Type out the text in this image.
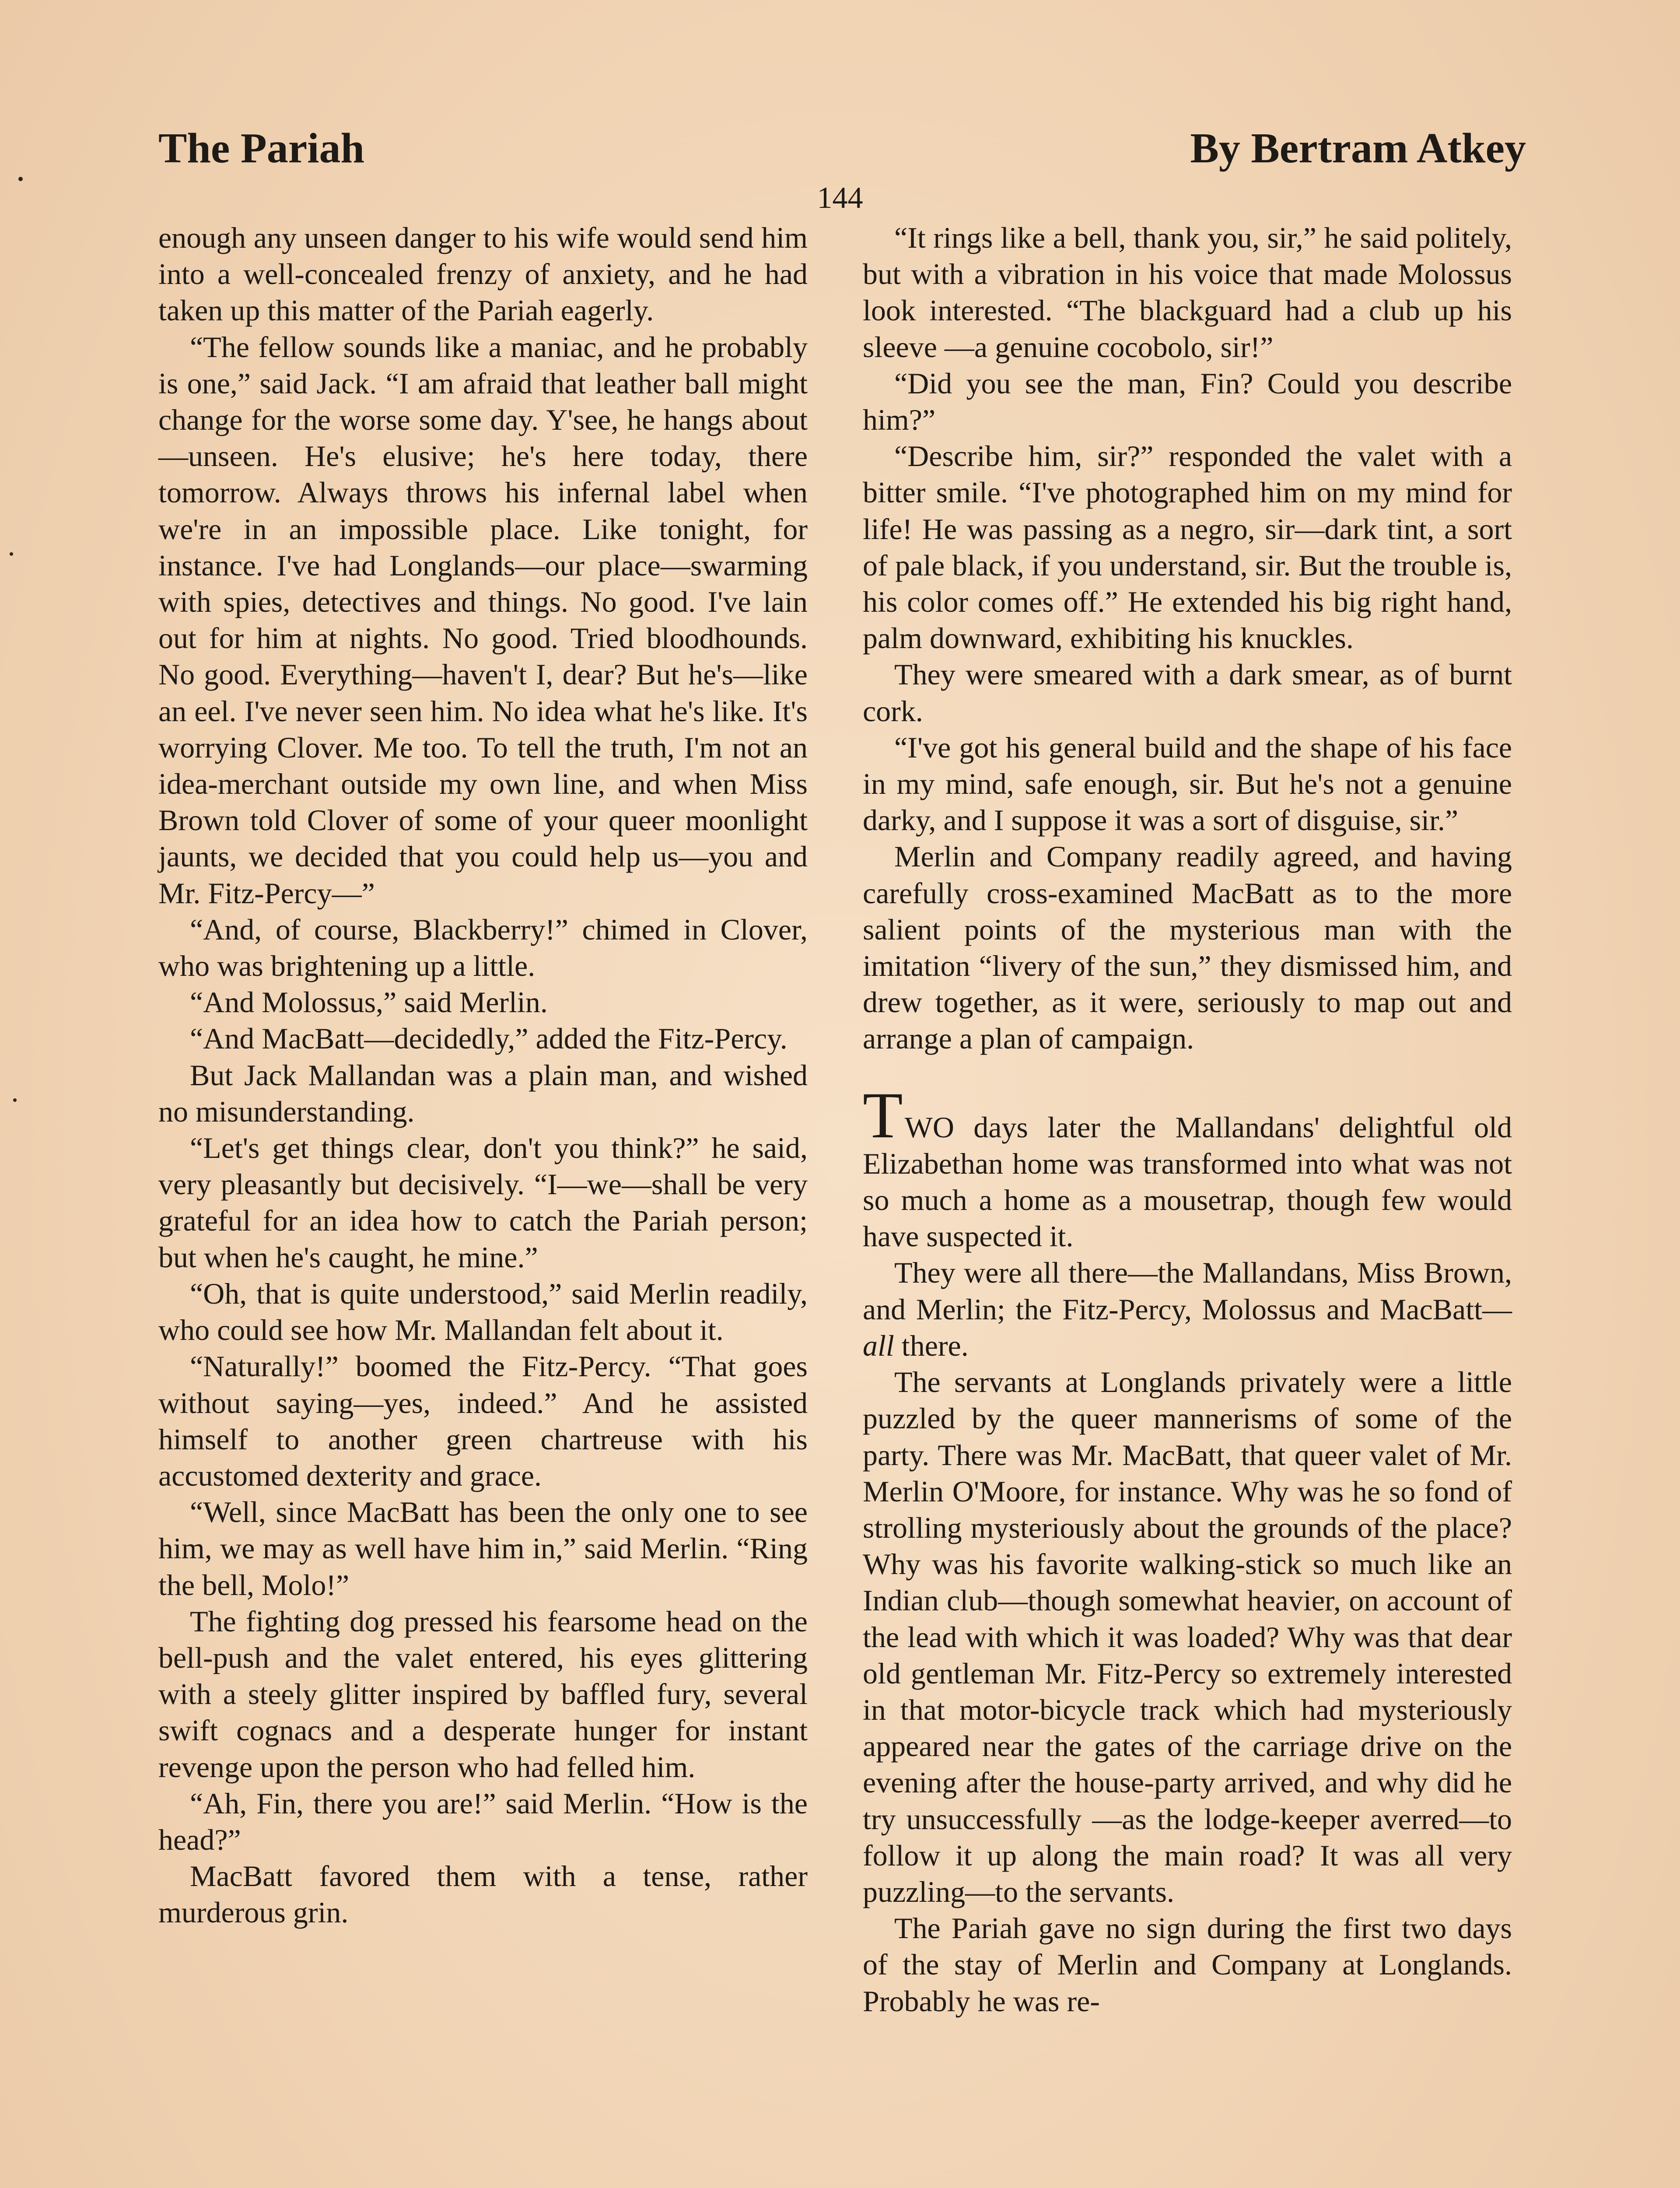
The Pariah	By Bertram Atkey
144

enough any unseen danger to his wife would send him into a well-concealed frenzy of anxiety, and he had taken up this matter of the Pariah eagerly.

“The fellow sounds like a maniac, and he probably is one,” said Jack. “I am afraid that leather ball might change for the worse some day. Y'see, he hangs about —unseen. He's elusive; he's here today, there tomorrow. Always throws his infernal label when we're in an impossible place. Like tonight, for instance. I've had Longlands—our place—swarming with spies, detectives and things. No good. I've lain out for him at nights. No good. Tried bloodhounds. No good. Everything—haven't I, dear? But he's—like an eel. I've never seen him. No idea what he's like. It's worrying Clover. Me too. To tell the truth, I'm not an idea-merchant outside my own line, and when Miss Brown told Clover of some of your queer moonlight jaunts, we decided that you could help us—you and Mr. Fitz-Percy—”

“And, of course, Blackberry!” chimed in Clover, who was brightening up a little.

“And Molossus,” said Merlin.

“And MacBatt—decidedly,” added the Fitz-Percy.

But Jack Mallandan was a plain man, and wished no misunderstanding.

“Let's get things clear, don't you think?” he said, very pleasantly but decisively. “I—we—shall be very grateful for an idea how to catch the Pariah person; but when he's caught, he mine.”

“Oh, that is quite understood,” said Merlin readily, who could see how Mr. Mallandan felt about it.

“Naturally!” boomed the Fitz-Percy. “That goes without saying—yes, indeed.” And he assisted himself to another green chartreuse with his accustomed dexterity and grace.

“Well, since MacBatt has been the only one to see him, we may as well have him in,” said Merlin. “Ring the bell, Molo!”

The fighting dog pressed his fearsome head on the bell-push and the valet entered, his eyes glittering with a steely glitter inspired by baffled fury, several swift cognacs and a desperate hunger for instant revenge upon the person who had felled him.

“Ah, Fin, there you are!” said Merlin. “How is the head?”

MacBatt favored them with a tense, rather murderous grin.

“It rings like a bell, thank you, sir,” he said politely, but with a vibration in his voice that made Molossus look interested. “The blackguard had a club up his sleeve —a genuine cocobolo, sir!”

“Did you see the man, Fin? Could you describe him?”

“Describe him, sir?” responded the valet with a bitter smile. “I've photographed him on my mind for life! He was passing as a negro, sir—dark tint, a sort of pale black, if you understand, sir. But the trouble is, his color comes off.” He extended his big right hand, palm downward, exhibiting his knuckles.

They were smeared with a dark smear, as of burnt cork.

“I've got his general build and the shape of his face in my mind, safe enough, sir. But he's not a genuine darky, and I suppose it was a sort of disguise, sir.”

Merlin and Company readily agreed, and having carefully cross-examined MacBatt as to the more salient points of the mysterious man with the imitation “livery of the sun,” they dismissed him, and drew together, as it were, seriously to map out and arrange a plan of campaign.

TWO days later the Mallandans' delightful old Elizabethan home was transformed into what was not so much a home as a mousetrap, though few would have suspected it.

They were all there—the Mallandans, Miss Brown, and Merlin; the Fitz-Percy, Molossus and MacBatt—all there.

The servants at Longlands privately were a little puzzled by the queer mannerisms of some of the party. There was Mr. MacBatt, that queer valet of Mr. Merlin O'Moore, for instance. Why was he so fond of strolling mysteriously about the grounds of the place? Why was his favorite walking-stick so much like an Indian club—though somewhat heavier, on account of the lead with which it was loaded? Why was that dear old gentleman Mr. Fitz-Percy so extremely interested in that motor-bicycle track which had mysteriously appeared near the gates of the carriage drive on the evening after the house-party arrived, and why did he try unsuccessfully —as the lodge-keeper averred—to follow it up along the main road? It was all very puzzling—to the servants.

The Pariah gave no sign during the first two days of the stay of Merlin and Company at Longlands. Probably he was re-
